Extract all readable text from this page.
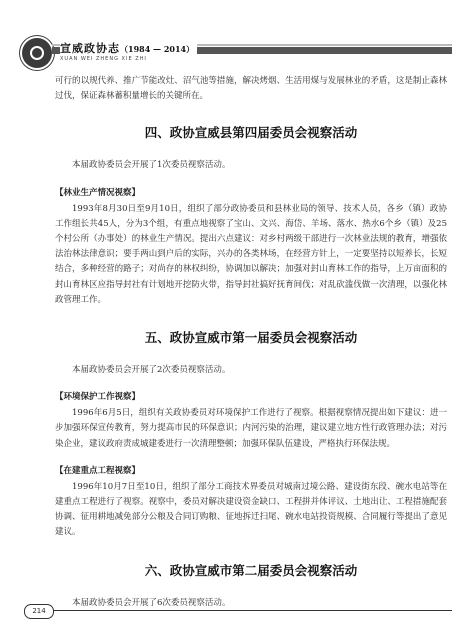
宣威政协志（1984 — 2014）
XUAN WEI ZHENG XIE ZHI

可行的以规代养、推广节能改灶、沼气池等措施，解决烤烟、生活用煤与发展林业的矛盾，这是制止森林过伐，保证森林蓄积量增长的关键所在。

四、政协宣威县第四届委员会视察活动

本届政协委员会开展了1次委员视察活动。

【林业生产情况视察】

1993年8月30日至9月10日，组织了部分政协委员和县林业局的领导、技术人员，各乡（镇）政协工作组长共45人，分为3个组，有重点地视察了宝山、文兴、海岱、羊场、落水、热水6个乡（镇）及25个村公所（办事处）的林业生产情况。提出六点建议：对乡村两级干部进行一次林业法规的教育，增强依法治林法律意识；要手两山到户后的实际，兴办的各类林场，在经营方针上，一定要坚持以短养长，长短结合，多种经营的路子；对尚存的林权纠纷，协调加以解决；加强对封山育林工作的指导，上万亩面积的封山育林区应指导封社有计划地开挖防火带，指导封社搞好抚育间伐；对乱砍滥伐做一次清理，以强化林政管理工作。

五、政协宣威市第一届委员会视察活动

本届政协委员会开展了2次委员视察活动。

【环境保护工作视察】

1996年6月5日，组织有关政协委员对环境保护工作进行了视察。根据视察情况提出如下建议：进一步加强环保宣传教育，努力提高市民的环保意识；内河污染的治理，建议建立地方性行政管理办法；对污染企业，建议政府责成城建委进行一次清理整顿；加强环保队伍建设，严格执行环保法规。

【在建重点工程视察】

1996年10月7日至10日，组织了部分工商技术界委员对城南过境公路、建设街东段、碗水电站等在建重点工程进行了视察。视察中，委员对解决建设资金缺口、工程拼并体评议、土地出让、工程措施配套协调、征用耕地减免部分公粮及合同订购粮、征地拆迁扫尾、碗水电站投资规模、合同履行等提出了意见建议。

六、政协宣威市第二届委员会视察活动

本届政协委员会开展了6次委员视察活动。

214
